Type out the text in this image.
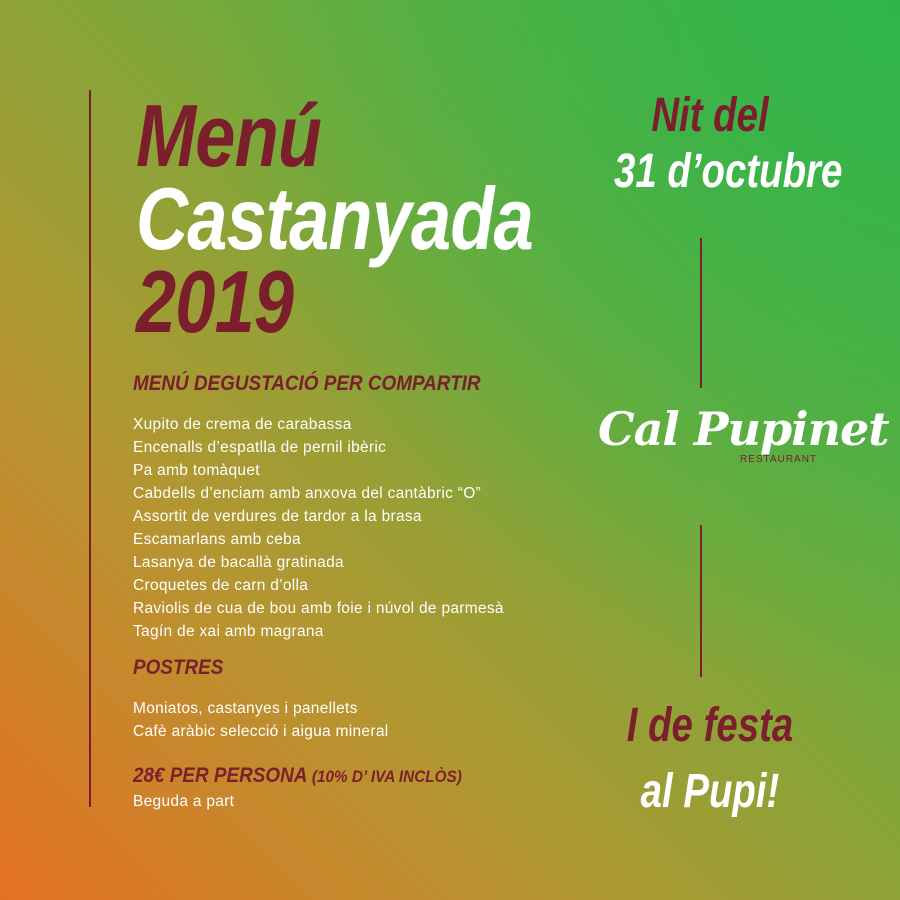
Menú
Castanyada
2019
MENÚ DEGUSTACIÓ PER COMPARTIR
Xupito de crema de carabassa
Encenalls d’espatlla de pernil ibèric
Pa amb tomàquet
Cabdells d’enciam amb anxova del cantàbric “O”
Assortit de verdures de tardor a la brasa
Escamarlans amb ceba
Lasanya de bacallà gratinada
Croquetes de carn d’olla
Raviolis de cua de bou amb foie i núvol de parmesà
Tagín de xai amb magrana
POSTRES
Moniatos, castanyes i panellets
Cafè aràbic selecció i aigua mineral
28€ PER PERSONA (10% D’ IVA INCLÒS)
Beguda a part
Nit del
31 d’octubre
Cal Pupinet
RESTAURANT
I de festa
al Pupi!
